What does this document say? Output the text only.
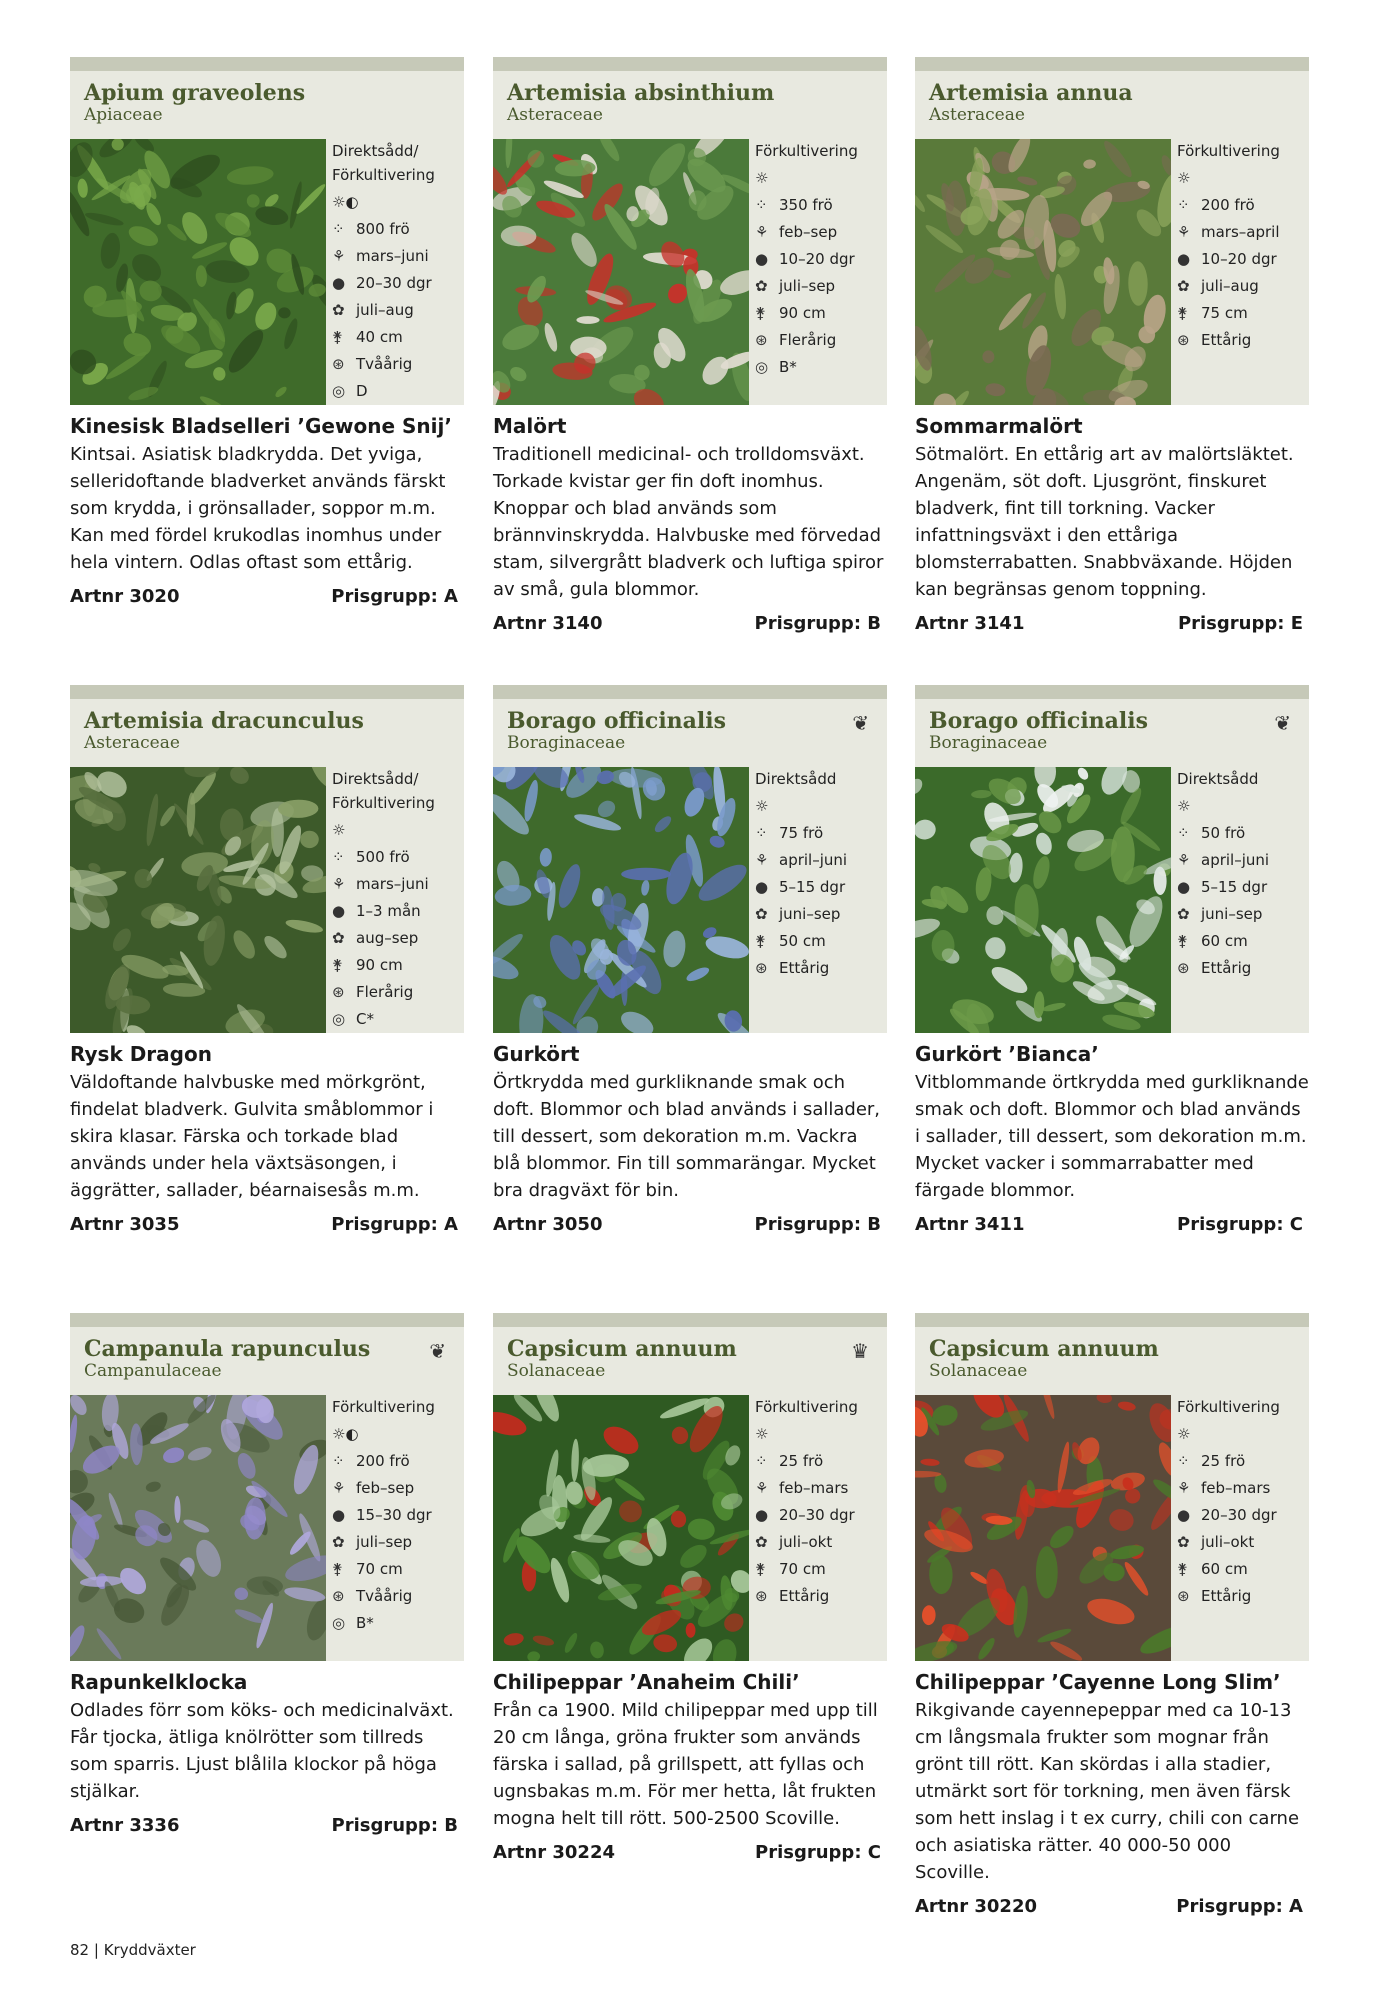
Apium graveolens
Apiaceae
Direktsådd/ Förkultivering
☼◐
⁘ 800 frö
⚘ mars–juni
● 20–30 dgr
✿ juli–aug
⚵ 40 cm
⊛ Tvåårig
◎ D
Kinesisk Bladselleri ’Gewone Snij’
Kintsai. Asiatisk bladkrydda. Det yviga, selleridoftande bladverket används färskt som krydda, i grönsallader, soppor m.m. Kan med fördel krukodlas inomhus under hela vintern. Odlas oftast som ettårig.
Artnr 3020	Prisgrupp: A
Artemisia absinthium
Asteraceae
Förkultivering
☼
⁘ 350 frö
⚘ feb–sep
● 10–20 dgr
✿ juli–sep
⚵ 90 cm
⊛ Flerårig
◎ B*
Malört
Traditionell medicinal- och trolldomsväxt. Torkade kvistar ger fin doft inomhus. Knoppar och blad används som brännvinskrydda. Halvbuske med förvedad stam, silvergrått bladverk och luftiga spiror av små, gula blommor.
Artnr 3140	Prisgrupp: B
Artemisia annua
Asteraceae
Förkultivering
☼
⁘ 200 frö
⚘ mars–april
● 10–20 dgr
✿ juli–aug
⚵ 75 cm
⊛ Ettårig
Sommarmalört
Sötmalört. En ettårig art av malörtsläktet. Angenäm, söt doft. Ljusgrönt, finskuret bladverk, fint till torkning. Vacker infattningsväxt i den ettåriga blomsterrabatten. Snabbväxande. Höjden kan begränsas genom toppning.
Artnr 3141	Prisgrupp: E
Artemisia dracunculus
Asteraceae
Direktsådd/ Förkultivering
☼
⁘ 500 frö
⚘ mars–juni
● 1–3 mån
✿ aug–sep
⚵ 90 cm
⊛ Flerårig
◎ C*
Rysk Dragon
Väldoftande halvbuske med mörkgrönt, findelat bladverk. Gulvita småblommor i skira klasar. Färska och torkade blad används under hela växtsäsongen, i äggrätter, sallader, béarnaisesås m.m.
Artnr 3035	Prisgrupp: A
Borago officinalis
Boraginaceae
❦
Direktsådd
☼
⁘ 75 frö
⚘ april–juni
● 5–15 dgr
✿ juni–sep
⚵ 50 cm
⊛ Ettårig
Gurkört
Örtkrydda med gurkliknande smak och doft. Blommor och blad används i sallader, till dessert, som dekoration m.m. Vackra blå blommor. Fin till sommarängar. Mycket bra dragväxt för bin.
Artnr 3050	Prisgrupp: B
Borago officinalis
Boraginaceae
❦
Direktsådd
☼
⁘ 50 frö
⚘ april–juni
● 5–15 dgr
✿ juni–sep
⚵ 60 cm
⊛ Ettårig
Gurkört ’Bianca’
Vitblommande örtkrydda med gurkliknande smak och doft. Blommor och blad används i sallader, till dessert, som dekoration m.m. Mycket vacker i sommarrabatter med färgade blommor.
Artnr 3411	Prisgrupp: C
Campanula rapunculus
Campanulaceae
❦
Förkultivering
☼◐
⁘ 200 frö
⚘ feb–sep
● 15–30 dgr
✿ juli–sep
⚵ 70 cm
⊛ Tvåårig
◎ B*
Rapunkelklocka
Odlades förr som köks- och medicinalväxt. Får tjocka, ätliga knölrötter som tillreds som sparris. Ljust blålila klockor på höga stjälkar.
Artnr 3336	Prisgrupp: B
Capsicum annuum
Solanaceae
♛
Förkultivering
☼
⁘ 25 frö
⚘ feb–mars
● 20–30 dgr
✿ juli–okt
⚵ 70 cm
⊛ Ettårig
Chilipeppar ’Anaheim Chili’
Från ca 1900. Mild chilipeppar med upp till 20 cm långa, gröna frukter som används färska i sallad, på grillspett, att fyllas och ugnsbakas m.m. För mer hetta, låt frukten mogna helt till rött. 500-2500 Scoville.
Artnr 30224	Prisgrupp: C
Capsicum annuum
Solanaceae
Förkultivering
☼
⁘ 25 frö
⚘ feb–mars
● 20–30 dgr
✿ juli–okt
⚵ 60 cm
⊛ Ettårig
Chilipeppar ’Cayenne Long Slim’
Rikgivande cayennepeppar med ca 10-13 cm långsmala frukter som mognar från grönt till rött. Kan skördas i alla stadier, utmärkt sort för torkning, men även färsk som hett inslag i t ex curry, chili con carne och asiatiska rätter. 40 000-50 000 Scoville.
Artnr 30220	Prisgrupp: A
82 | Kryddväxter
